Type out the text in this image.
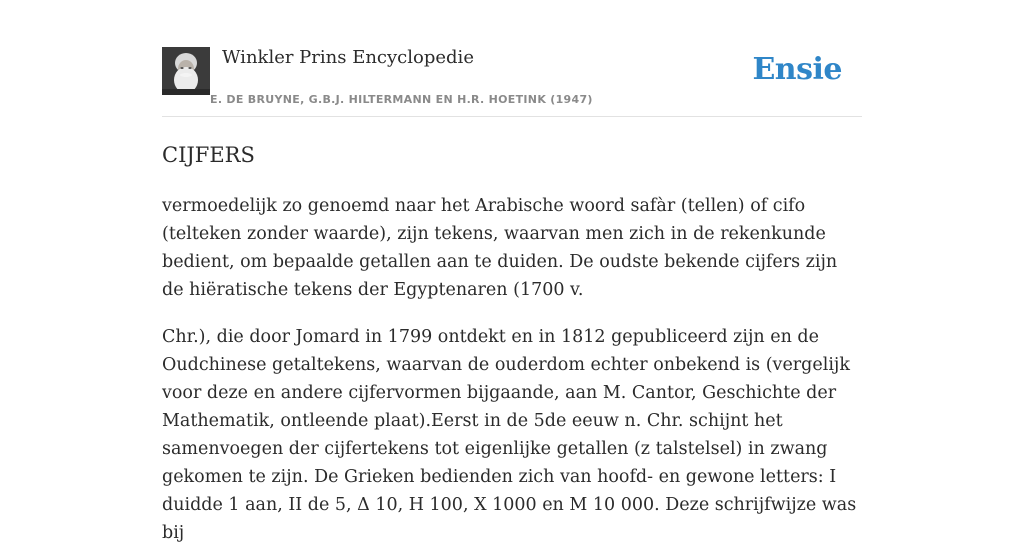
Winkler Prins Encyclopedie
E. DE BRUYNE, G.B.J. HILTERMANN EN H.R. HOETINK (1947)
Ensie
CIJFERS

vermoedelijk zo genoemd naar het Arabische woord safàr (tellen) of cifo (telteken zonder waarde), zijn tekens, waarvan men zich in de rekenkunde bedient, om bepaalde getallen aan te duiden. De oudste bekende cijfers zijn de hiëratische tekens der Egyptenaren (1700 v.

Chr.), die door Jomard in 1799 ontdekt en in 1812 gepubliceerd zijn en de Oudchinese getaltekens, waarvan de ouderdom echter onbekend is (vergelijk voor deze en andere cijfervormen bijgaande, aan M. Cantor, Geschichte der Mathematik, ontleende plaat).Eerst in de 5de eeuw n. Chr. schijnt het samenvoegen der cijfertekens tot eigenlijke getallen (z talstelsel) in zwang gekomen te zijn. De Grieken bedienden zich van hoofd- en gewone letters: I duidde 1 aan, II de 5, Δ 10, H 100, X 1000 en M 10 000. Deze schrijfwijze was bij
